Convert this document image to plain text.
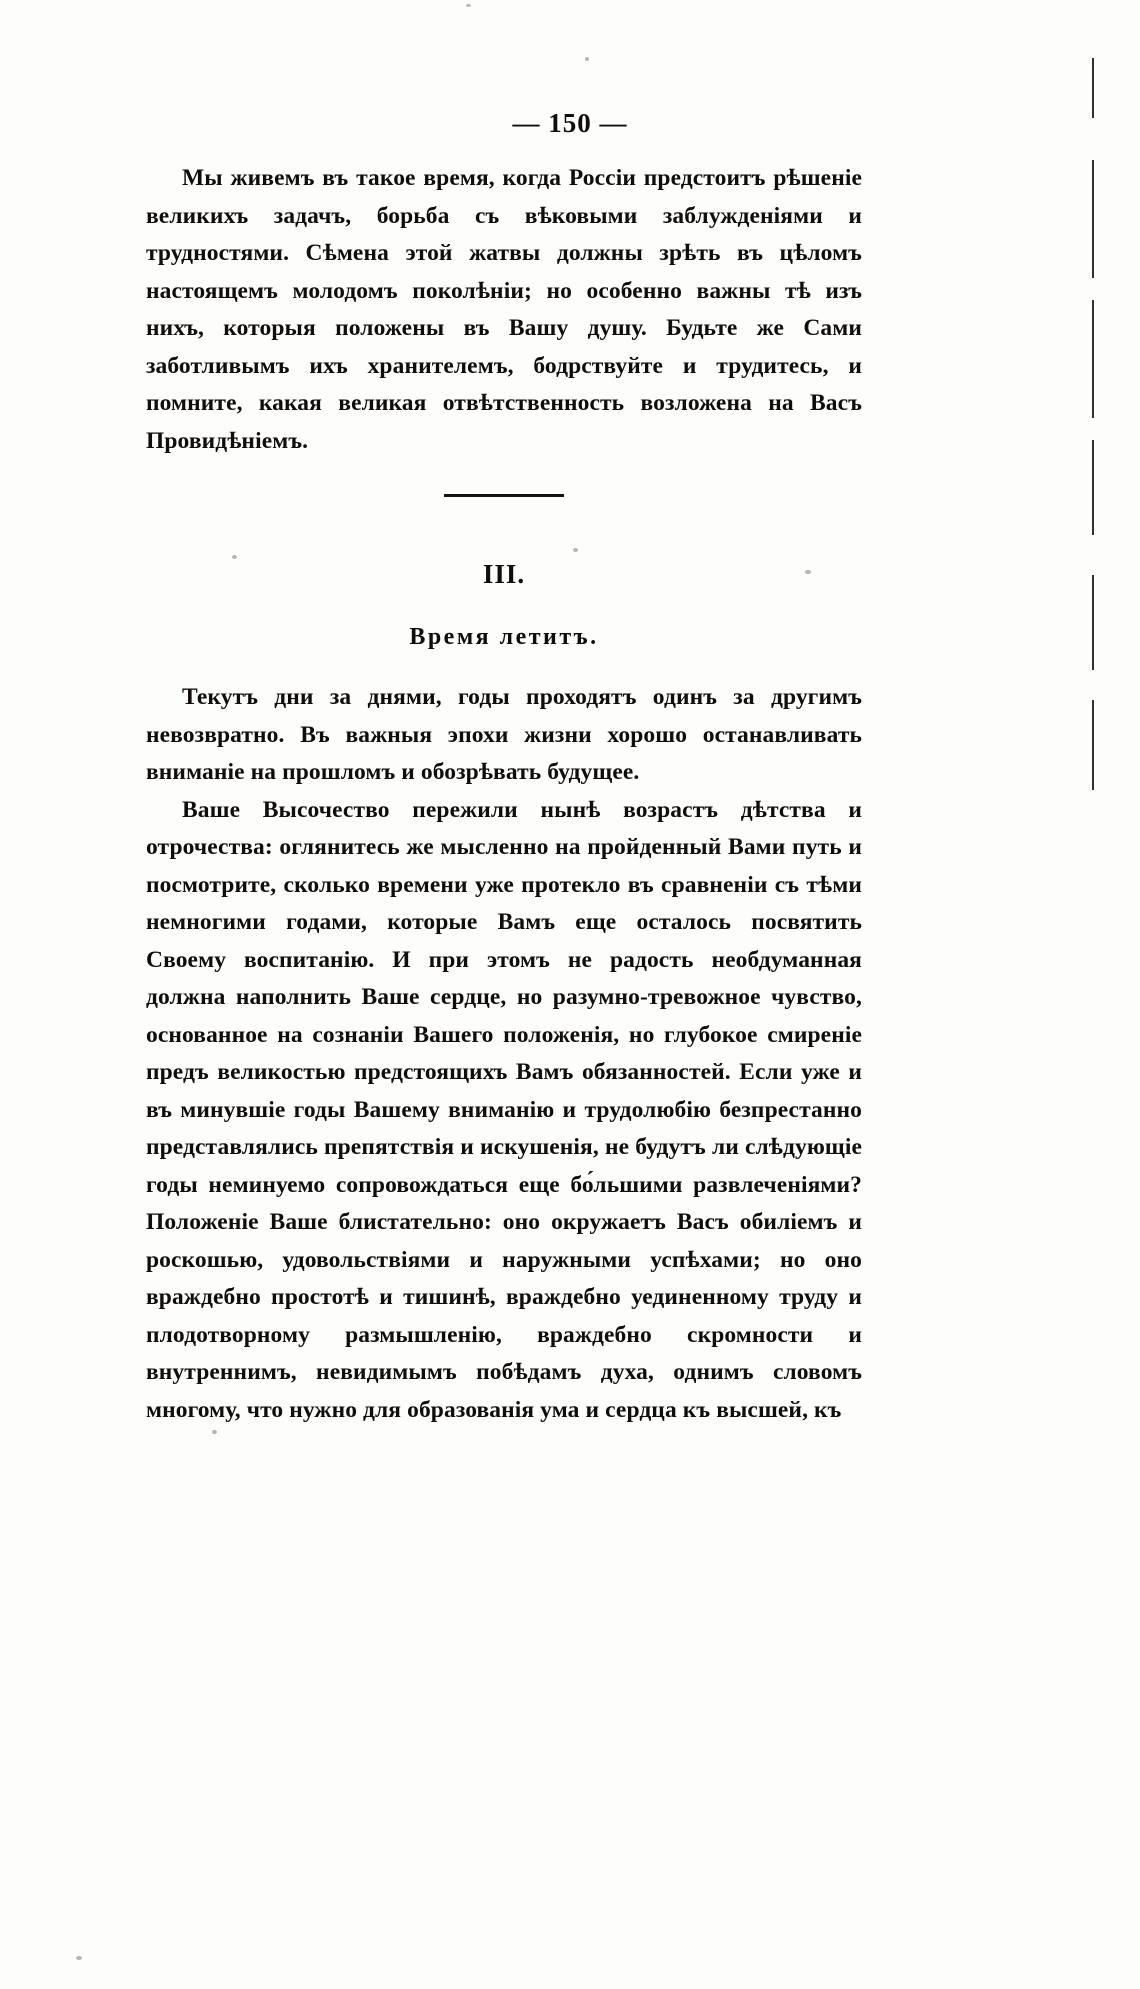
— 150 —

Мы живемъ въ такое время, когда Россіи предстоитъ рѣшеніе великихъ задачъ, борьба съ вѣковыми заблужденіями и трудностями. Сѣмена этой жатвы должны зрѣть въ цѣломъ настоящемъ молодомъ поколѣніи; но особенно важны тѣ изъ нихъ, которыя положены въ Вашу душу. Будьте же Сами заботливымъ ихъ хранителемъ, бодрствуйте и трудитесь, и помните, какая великая отвѣтственность возложена на Васъ Провидѣніемъ.

III.
Время летитъ.

Текутъ дни за днями, годы проходятъ одинъ за другимъ невозвратно. Въ важныя эпохи жизни хорошо останавливать вниманіе на прошломъ и обозрѣвать будущее.

Ваше Высочество пережили нынѣ возрастъ дѣтства и отрочества: оглянитесь же мысленно на пройденный Вами путь и посмотрите, сколько времени уже протекло въ сравненіи съ тѣми немногими годами, которые Вамъ еще осталось посвятить Своему воспитанію. И при этомъ не радость необдуманная должна наполнить Ваше сердце, но разумно-тревожное чувство, основанное на сознаніи Вашего положенія, но глубокое смиреніе предъ великостью предстоящихъ Вамъ обязанностей. Если уже и въ минувшіе годы Вашему вниманію и трудолюбію безпрестанно представлялись препятствія и искушенія, не будутъ ли слѣдующіе годы неминуемо сопровождаться еще бо́льшими развлеченіями? Положеніе Ваше блистательно: оно окружаетъ Васъ обиліемъ и роскошью, удовольствіями и наружными успѣхами; но оно враждебно простотѣ и тишинѣ, враждебно уединенному труду и плодотворному размышленію, враждебно скромности и внутреннимъ, невидимымъ побѣдамъ духа, однимъ словомъ многому, что нужно для образованія ума и сердца къ высшей, къ
